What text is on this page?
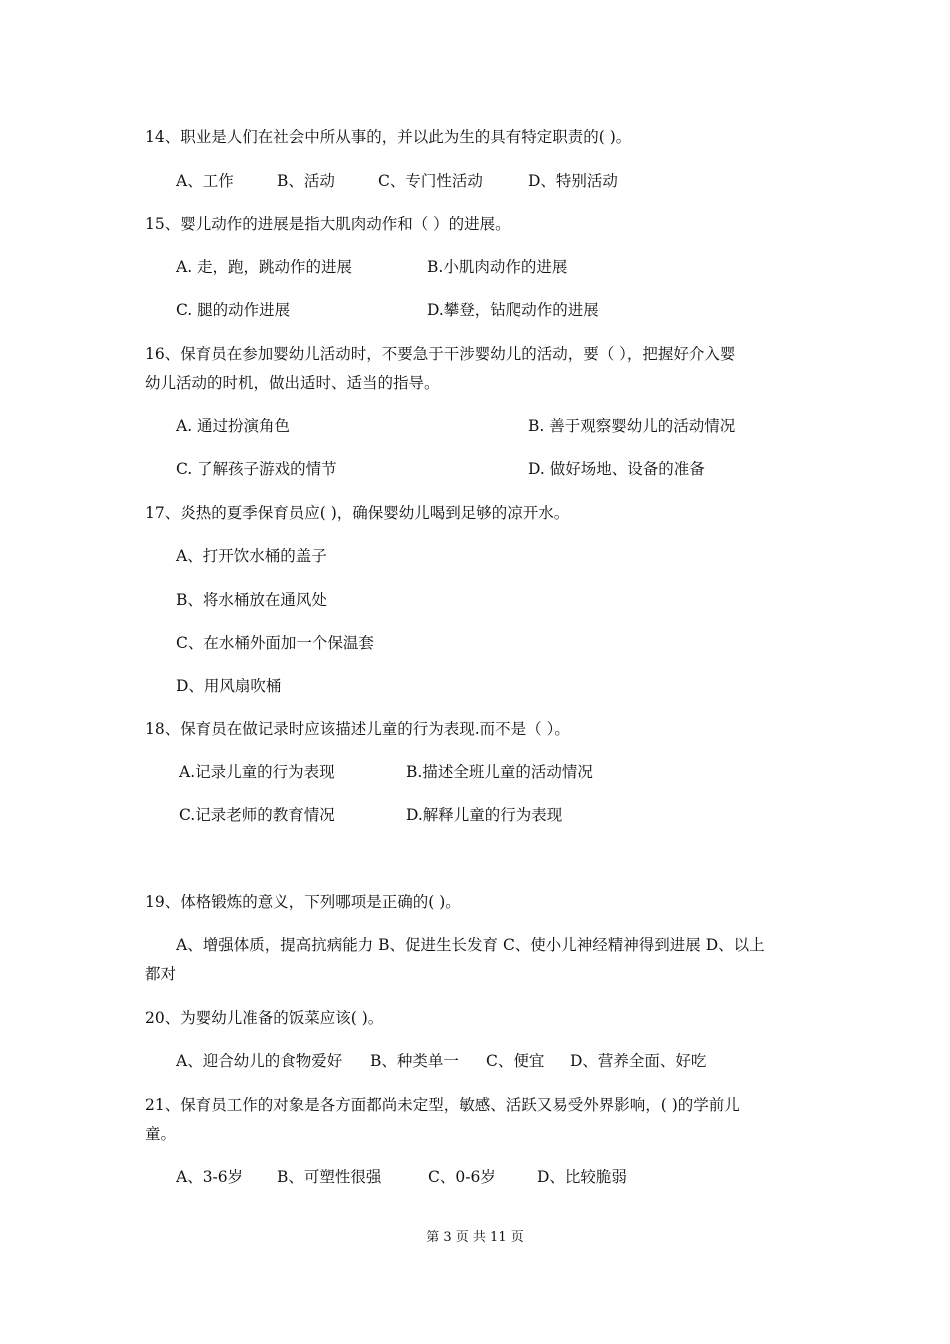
14、职业是人们在社会中所从事的，并以此为生的具有特定职责的( )。
A、工作	B、活动	C、专门性活动	D、特别活动
15、婴儿动作的进展是指大肌肉动作和（ ）的进展。
A. 走，跑，跳动作的进展	B.小肌肉动作的进展
C. 腿的动作进展	D.攀登，钻爬动作的进展
16、保育员在参加婴幼儿活动时，不要急于干涉婴幼儿的活动，要（ ），把握好介入婴
幼儿活动的时机，做出适时、适当的指导。
A. 通过扮演角色	B. 善于观察婴幼儿的活动情况
C. 了解孩子游戏的情节	D. 做好场地、设备的准备
17、炎热的夏季保育员应( )，确保婴幼儿喝到足够的凉开水。
A、打开饮水桶的盖子
B、将水桶放在通风处
C、在水桶外面加一个保温套
D、用风扇吹桶
18、保育员在做记录时应该描述儿童的行为表现.而不是（ ）。
A.记录儿童的行为表现	B.描述全班儿童的活动情况
C.记录老师的教育情况	D.解释儿童的行为表现
19、体格锻炼的意义，下列哪项是正确的( )。
A、增强体质，提高抗病能力 B、促进生长发育 C、使小儿神经精神得到进展 D、以上
都对
20、为婴幼儿准备的饭菜应该( )。
A、迎合幼儿的食物爱好 B、种类单一 C、便宜 D、营养全面、好吃
21、保育员工作的对象是各方面都尚未定型，敏感、活跃又易受外界影响，( )的学前儿
童。
A、3-6岁 B、可塑性很强	C、0-6岁	D、比较脆弱
第 3 页 共 11 页
